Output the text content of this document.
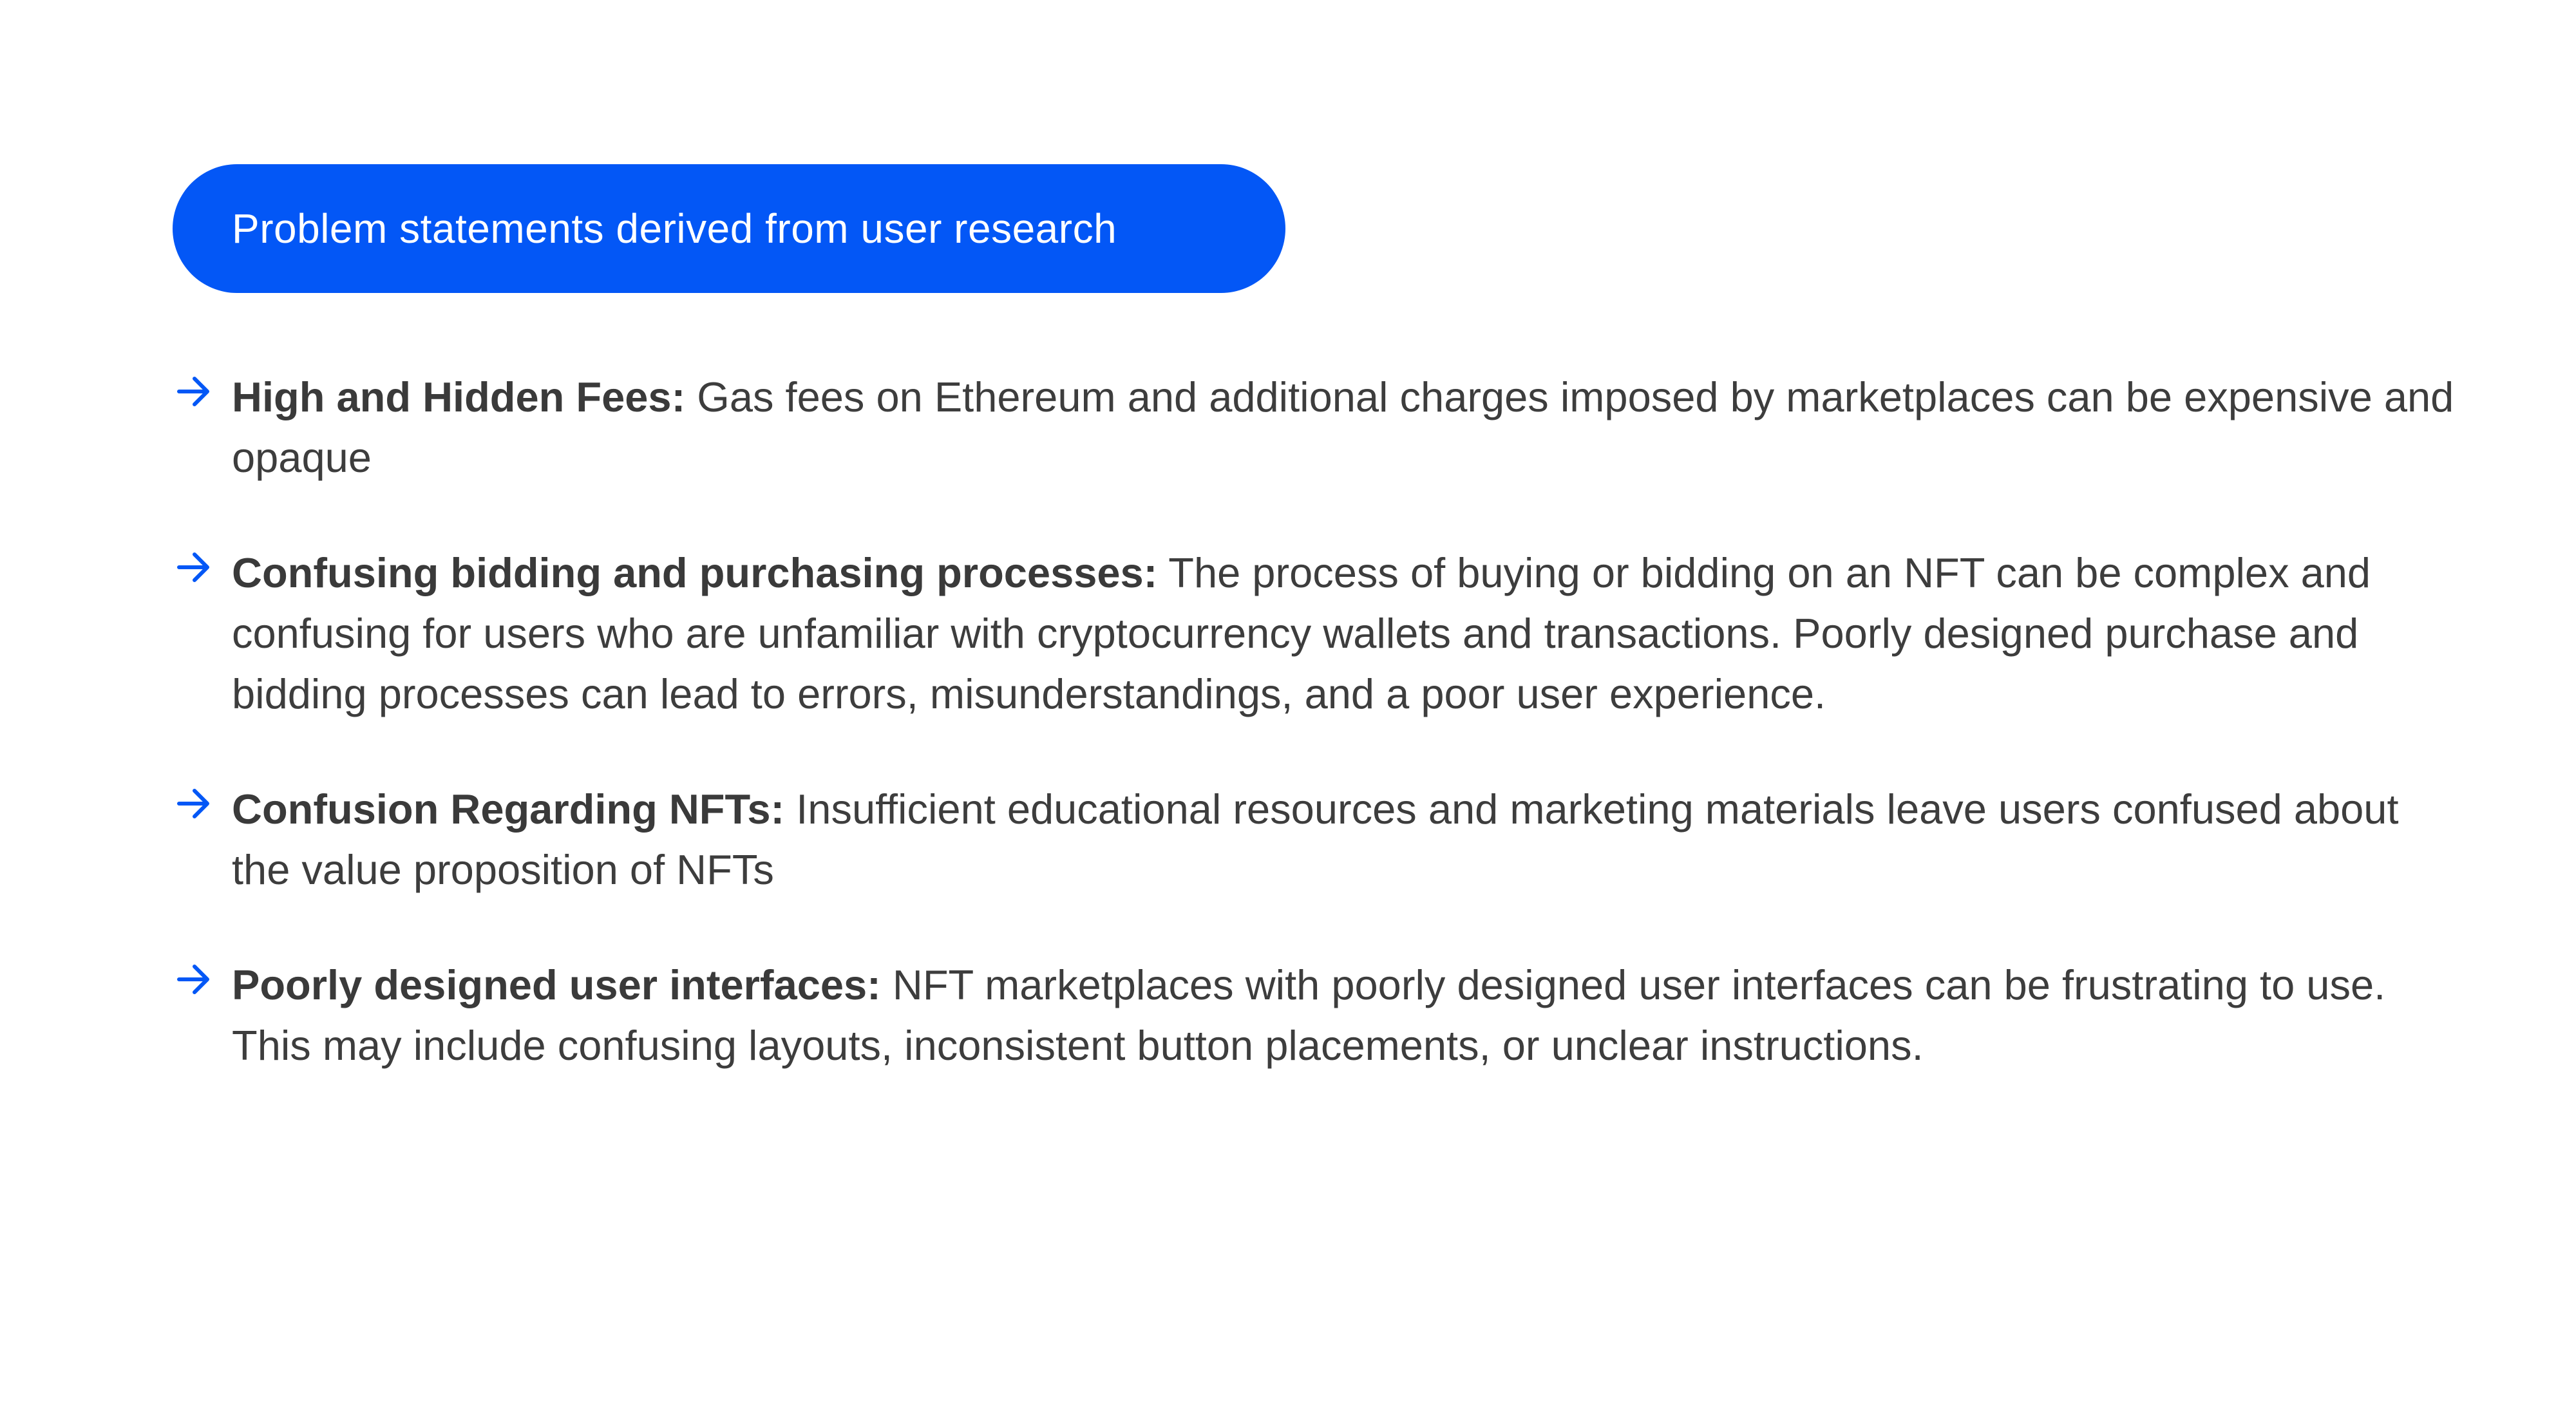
Problem statements derived from user research

High and Hidden Fees: Gas fees on Ethereum and additional charges imposed by marketplaces can be expensive and opaque

Confusing bidding and purchasing processes: The process of buying or bidding on an NFT can be complex and confusing for users who are unfamiliar with cryptocurrency wallets and transactions. Poorly designed purchase and bidding processes can lead to errors, misunderstandings, and a poor user experience.

Confusion Regarding NFTs: Insufficient educational resources and marketing materials leave users confused about the value proposition of NFTs

Poorly designed user interfaces: NFT marketplaces with poorly designed user interfaces can be frustrating to use. This may include confusing layouts, inconsistent button placements, or unclear instructions.
